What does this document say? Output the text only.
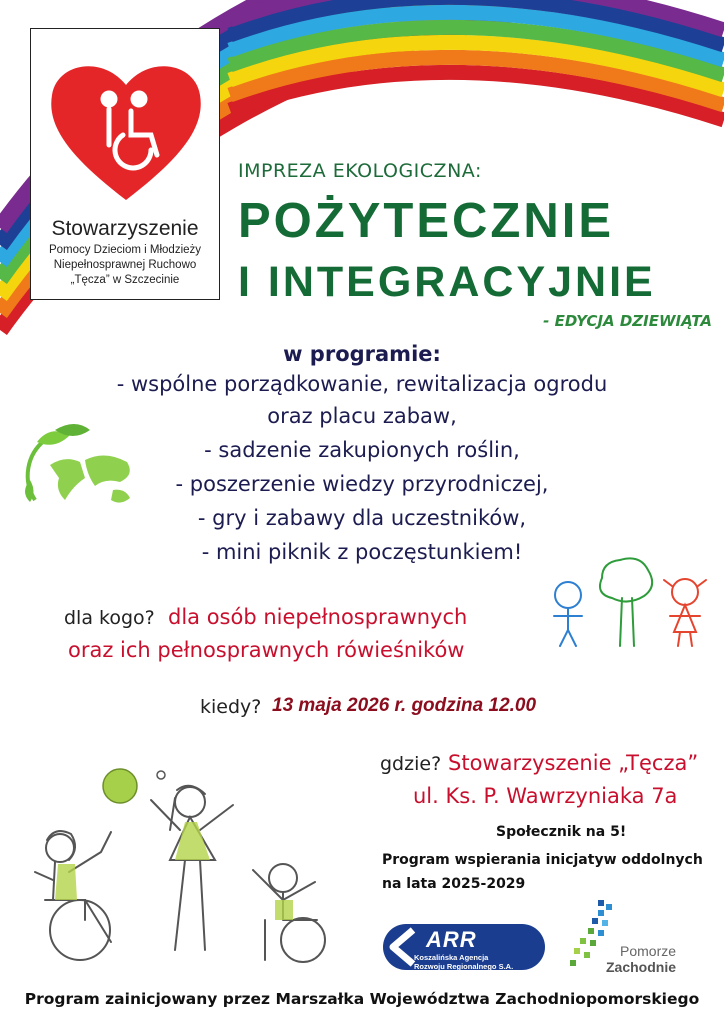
Stowarzyszenie
Pomocy Dzieciom i Młodzieży
Niepełnosprawnej Ruchowo
„Tęcza” w Szczecinie
IMPREZA EKOLOGICZNA:
POŻYTECZNIE
I INTEGRACYJNIE
- EDYCJA DZIEWIĄTA
w programie:
- wspólne porządkowanie, rewitalizacja ogrodu
oraz placu zabaw,
- sadzenie zakupionych roślin,
- poszerzenie wiedzy przyrodniczej,
- gry i zabawy dla uczestników,
- mini piknik z poczęstunkiem!
dla kogo? dla osób niepełnosprawnych
oraz ich pełnosprawnych rówieśników
kiedy? 13 maja 2026 r. godzina 12.00
gdzie? Stowarzyszenie „Tęcza”
ul. Ks. P. Wawrzyniaka 7a
Społecznik na 5!
Program wspierania inicjatyw oddolnych
na lata 2025-2029
ARR
Koszalińska Agencja
Rozwoju Regionalnego S.A.
Pomorze
Zachodnie
Program zainicjowany przez Marszałka Województwa Zachodniopomorskiego
